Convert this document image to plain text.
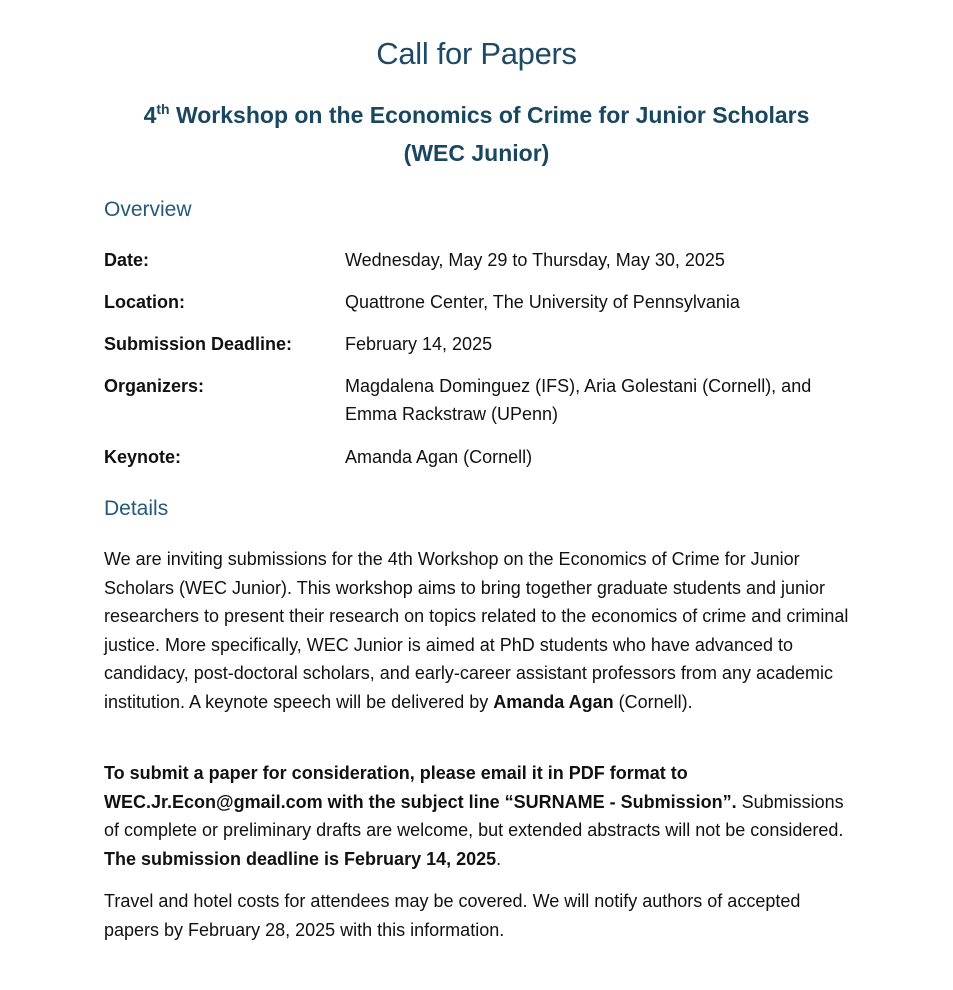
Call for Papers
4th Workshop on the Economics of Crime for Junior Scholars
(WEC Junior)
Overview
Date:	Wednesday, May 29 to Thursday, May 30, 2025
Location:	Quattrone Center, The University of Pennsylvania
Submission Deadline:	February 14, 2025
Organizers:	Magdalena Dominguez (IFS), Aria Golestani (Cornell), and Emma Rackstraw (UPenn)
Keynote:	Amanda Agan (Cornell)
Details
We are inviting submissions for the 4th Workshop on the Economics of Crime for Junior Scholars (WEC Junior). This workshop aims to bring together graduate students and junior researchers to present their research on topics related to the economics of crime and criminal justice. More specifically, WEC Junior is aimed at PhD students who have advanced to candidacy, post-doctoral scholars, and early-career assistant professors from any academic institution. A keynote speech will be delivered by Amanda Agan (Cornell).
To submit a paper for consideration, please email it in PDF format to WEC.Jr.Econ@gmail.com with the subject line “SURNAME - Submission”. Submissions of complete or preliminary drafts are welcome, but extended abstracts will not be considered. The submission deadline is February 14, 2025.
Travel and hotel costs for attendees may be covered. We will notify authors of accepted papers by February 28, 2025 with this information.
